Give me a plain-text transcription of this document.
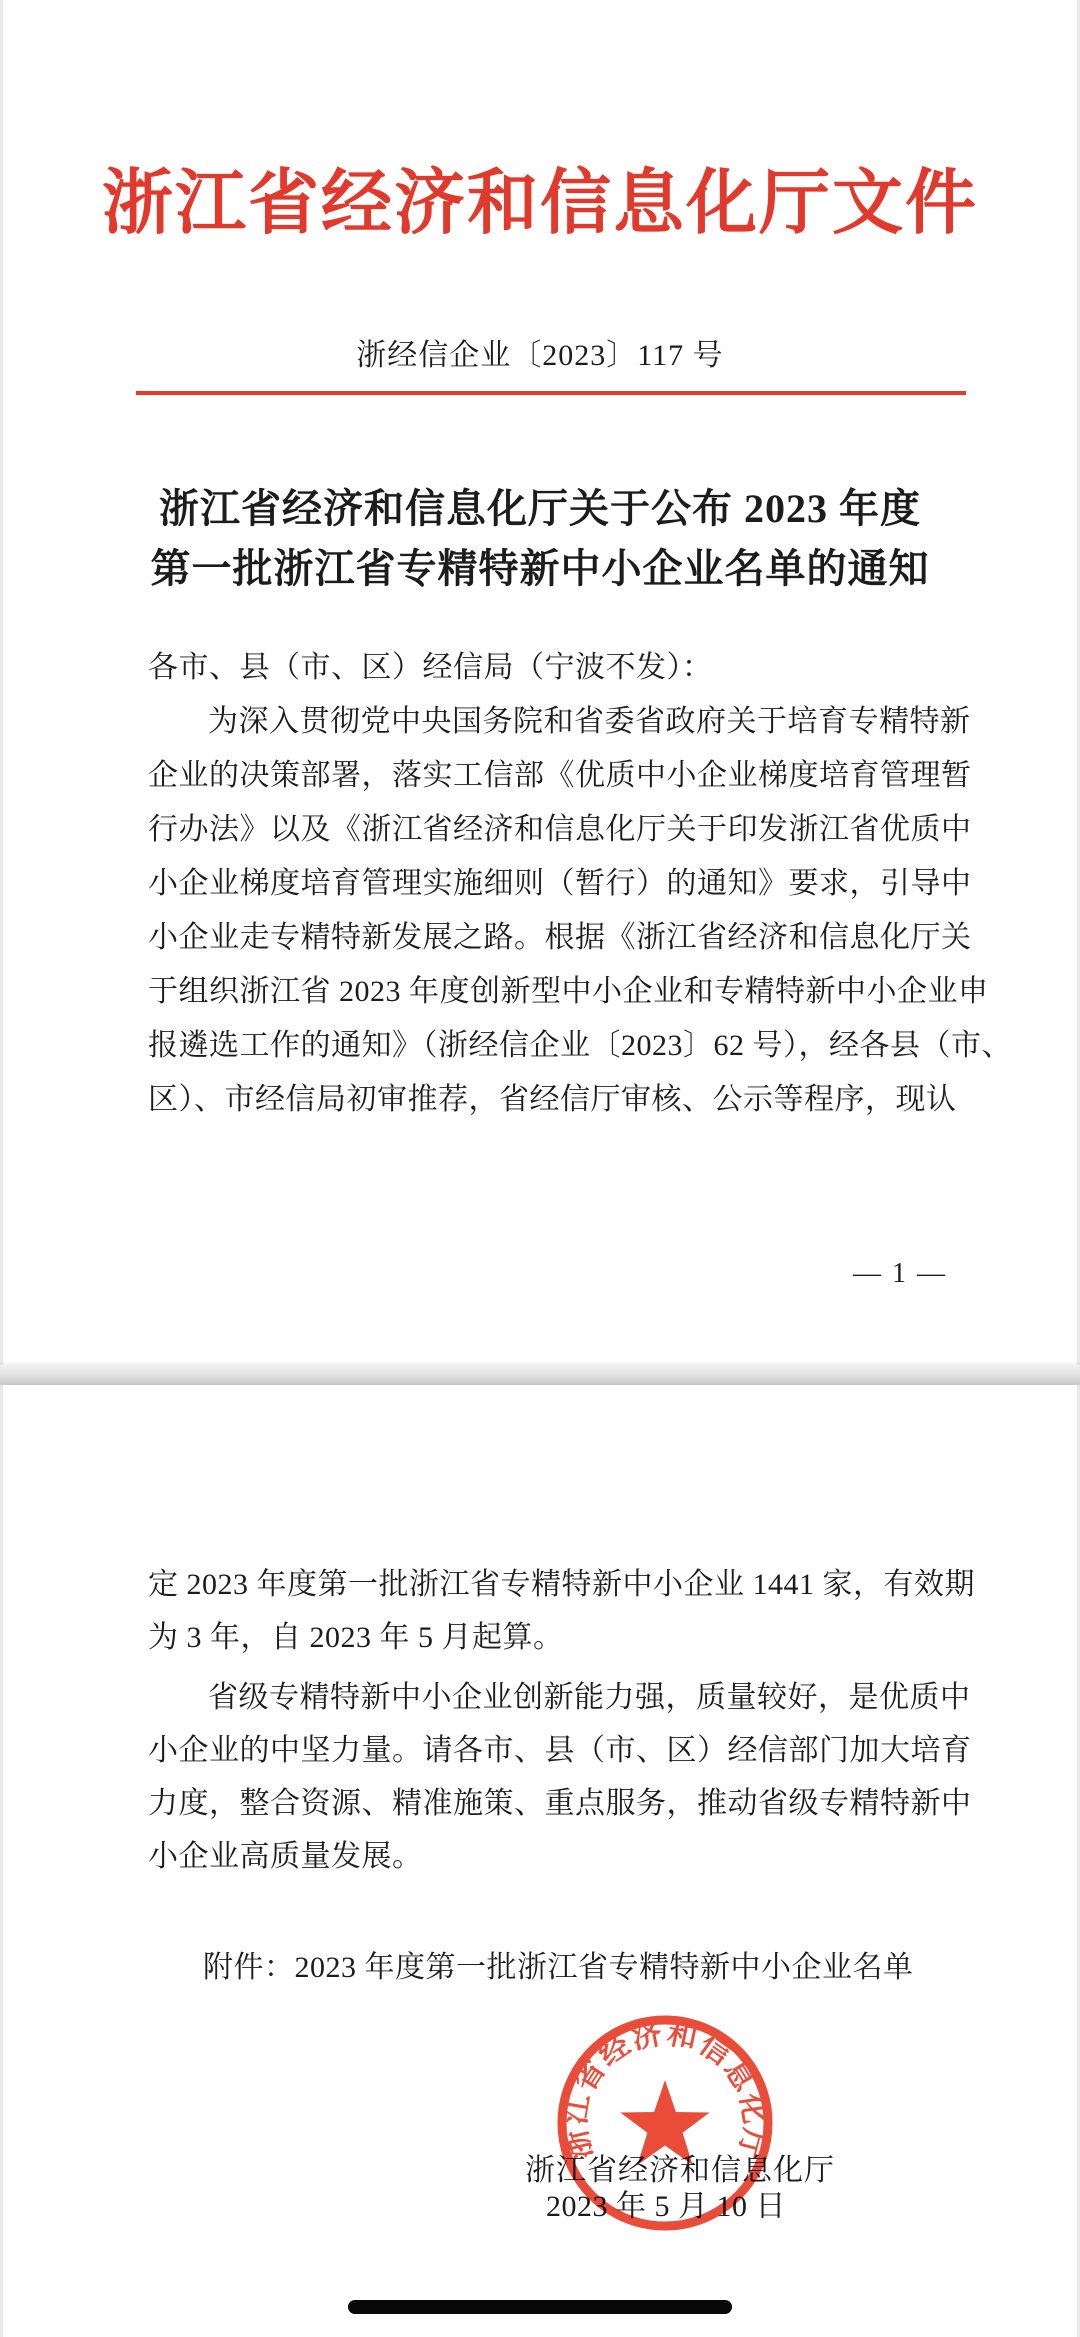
浙江省经济和信息化厅文件
浙经信企业〔2023〕117 号
浙江省经济和信息化厅关于公布 2023 年度
第一批浙江省专精特新中小企业名单的通知
各市、县（市、区）经信局（宁波不发）：
为深入贯彻党中央国务院和省委省政府关于培育专精特新
企业的决策部署，落实工信部《优质中小企业梯度培育管理暂
行办法》以及《浙江省经济和信息化厅关于印发浙江省优质中
小企业梯度培育管理实施细则（暂行）的通知》要求，引导中
小企业走专精特新发展之路。根据《浙江省经济和信息化厅关
于组织浙江省 2023 年度创新型中小企业和专精特新中小企业申
报遴选工作的通知》（浙经信企业〔2023〕62 号），经各县（市、
区）、市经信局初审推荐，省经信厅审核、公示等程序，现认
— 1 —
定 2023 年度第一批浙江省专精特新中小企业 1441 家，有效期
为 3 年，自 2023 年 5 月起算。
省级专精特新中小企业创新能力强，质量较好，是优质中
小企业的中坚力量。请各市、县（市、区）经信部门加大培育
力度，整合资源、精准施策、重点服务，推动省级专精特新中
小企业高质量发展。
附件：2023 年度第一批浙江省专精特新中小企业名单
浙江省经济和信息化厅
2023 年 5 月 10 日
浙江省经济和信息化厅
